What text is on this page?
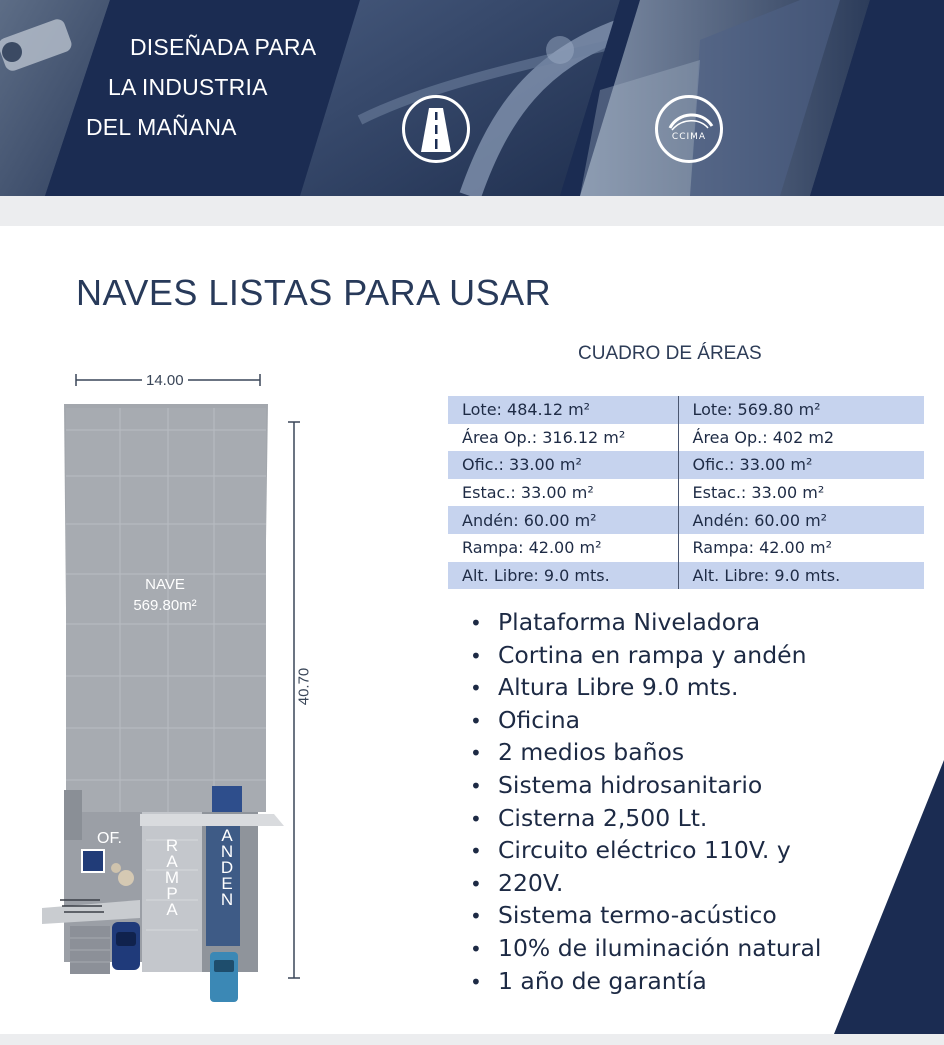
DISEÑADA PARA
LA INDUSTRIA
DEL MAÑANA	CCIMA
NAVES LISTAS PARA USAR
CUADRO DE ÁREAS
14.00
40.70
NAVE
569.80m²
OF.	R
A
M
P
A
A
N
D
E
N
Lote: 484.12 m²	Lote: 569.80 m²
Área Op.: 316.12 m²	Área Op.: 402 m2
Ofic.: 33.00 m²	Ofic.: 33.00 m²
Estac.: 33.00 m²	Estac.: 33.00 m²
Andén: 60.00 m²	Andén: 60.00 m²
Rampa: 42.00 m²	Rampa: 42.00 m²
Alt. Libre: 9.0 mts.	Alt. Libre: 9.0 mts.
• Plataforma Niveladora
• Cortina en rampa y andén
• Altura Libre 9.0 mts.
• Oficina
• 2 medios baños
• Sistema hidrosanitario
• Cisterna 2,500 Lt.
• Circuito eléctrico 110V. y
• 220V.
• Sistema termo-acústico
• 10% de iluminación natural
• 1 año de garantía
